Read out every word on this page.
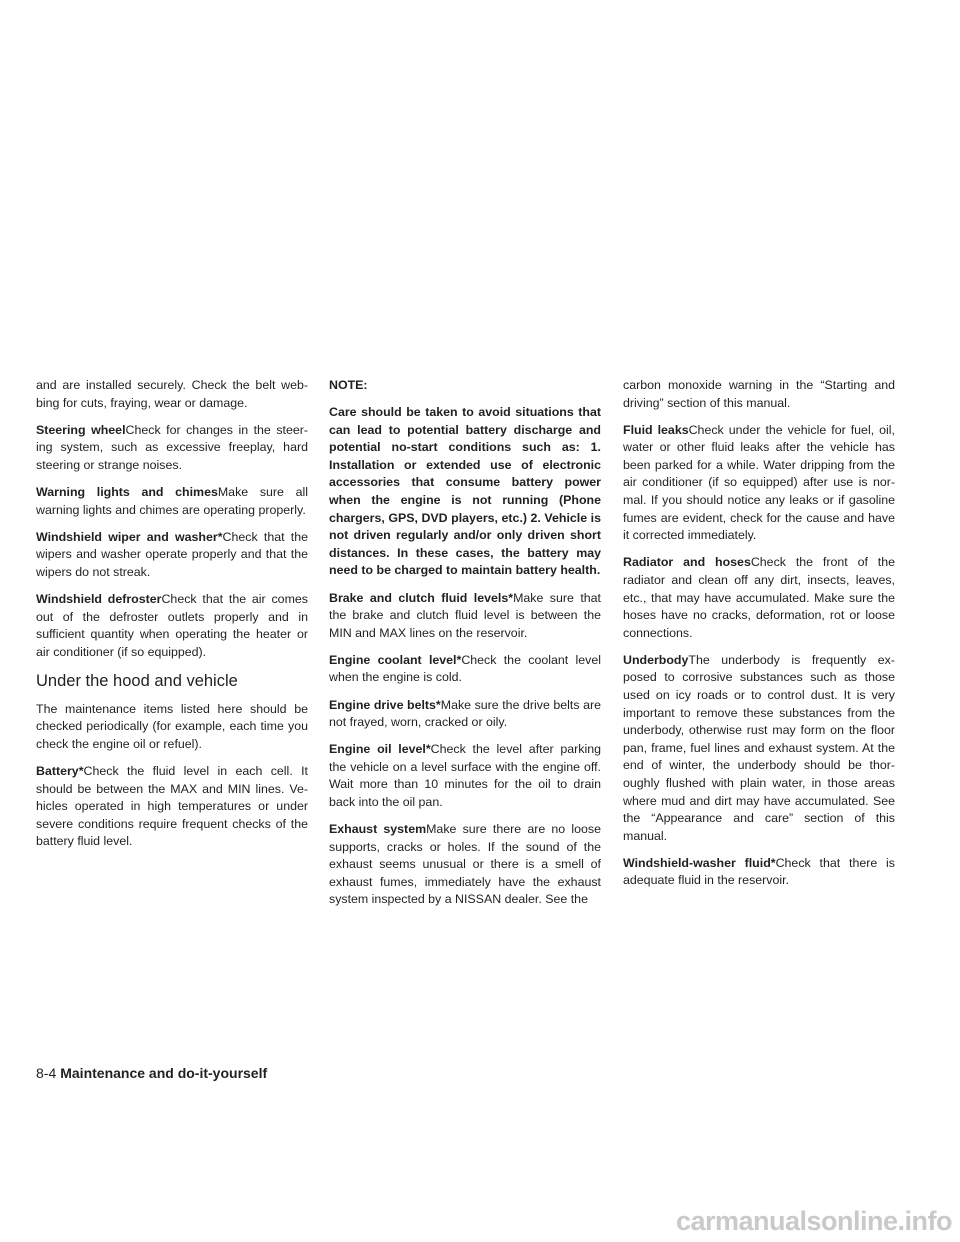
and are installed securely. Check the belt web-bing for cuts, fraying, wear or damage.

Steering wheelCheck for changes in the steer-ing system, such as excessive freeplay, hard steering or strange noises.

Warning lights and chimesMake sure all warning lights and chimes are operating properly.

Windshield wiper and washer*Check that the wipers and washer operate properly and that the wipers do not streak.

Windshield defrosterCheck that the air comes out of the defroster outlets properly and in sufficient quantity when operating the heater or air conditioner (if so equipped).

Under the hood and vehicle

The maintenance items listed here should be checked periodically (for example, each time you check the engine oil or refuel).

Battery*Check the fluid level in each cell. It should be between the MAX and MIN lines. Ve-hicles operated in high temperatures or under severe conditions require frequent checks of the battery fluid level.

NOTE:

Care should be taken to avoid situations that can lead to potential battery discharge and potential no-start conditions such as: 1. Installation or extended use of electronic accessories that consume battery power when the engine is not running (Phone chargers, GPS, DVD players, etc.) 2. Vehicle is not driven regularly and/or only driven short distances. In these cases, the battery may need to be charged to maintain battery health.

Brake and clutch fluid levels*Make sure that the brake and clutch fluid level is between the MIN and MAX lines on the reservoir.

Engine coolant level*Check the coolant level when the engine is cold.

Engine drive belts*Make sure the drive belts are not frayed, worn, cracked or oily.

Engine oil level*Check the level after parking the vehicle on a level surface with the engine off. Wait more than 10 minutes for the oil to drain back into the oil pan.

Exhaust systemMake sure there are no loose supports, cracks or holes. If the sound of the exhaust seems unusual or there is a smell of exhaust fumes, immediately have the exhaust system inspected by a NISSAN dealer. See the

carbon monoxide warning in the “Starting and driving” section of this manual.

Fluid leaksCheck under the vehicle for fuel, oil, water or other fluid leaks after the vehicle has been parked for a while. Water dripping from the air conditioner (if so equipped) after use is nor-mal. If you should notice any leaks or if gasoline fumes are evident, check for the cause and have it corrected immediately.

Radiator and hosesCheck the front of the radiator and clean off any dirt, insects, leaves, etc., that may have accumulated. Make sure the hoses have no cracks, deformation, rot or loose connections.

UnderbodyThe underbody is frequently ex-posed to corrosive substances such as those used on icy roads or to control dust. It is very important to remove these substances from the underbody, otherwise rust may form on the floor pan, frame, fuel lines and exhaust system. At the end of winter, the underbody should be thor-oughly flushed with plain water, in those areas where mud and dirt may have accumulated. See the “Appearance and care” section of this manual.

Windshield-washer fluid*Check that there is adequate fluid in the reservoir.

8-4 Maintenance and do-it-yourself
carmanualsonline.info
